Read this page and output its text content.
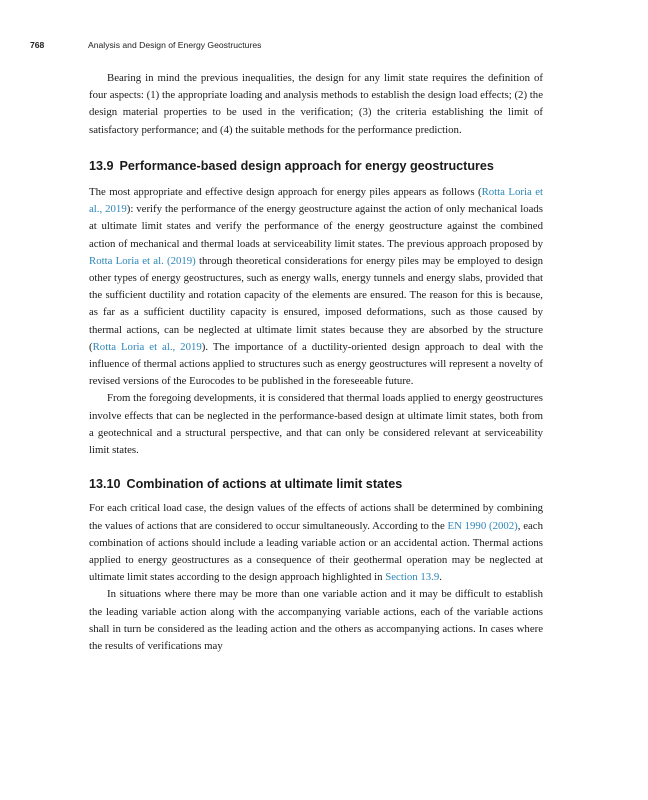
768	Analysis and Design of Energy Geostructures

Bearing in mind the previous inequalities, the design for any limit state requires the definition of four aspects: (1) the appropriate loading and analysis methods to establish the design load effects; (2) the design material properties to be used in the verification; (3) the criteria establishing the limit of satisfactory performance; and (4) the suitable methods for the performance prediction.

13.9 Performance-based design approach for energy geostructures

The most appropriate and effective design approach for energy piles appears as follows (Rotta Loria et al., 2019): verify the performance of the energy geostructure against the action of only mechanical loads at ultimate limit states and verify the performance of the energy geostructure against the combined action of mechanical and thermal loads at serviceability limit states. The previous approach proposed by Rotta Loria et al. (2019) through theoretical considerations for energy piles may be employed to design other types of energy geostructures, such as energy walls, energy tunnels and energy slabs, provided that the sufficient ductility and rotation capacity of the elements are ensured. The reason for this is because, as far as a sufficient ductility capacity is ensured, imposed deformations, such as those caused by thermal actions, can be neglected at ultimate limit states because they are absorbed by the structure (Rotta Loria et al., 2019). The importance of a ductility-oriented design approach to deal with the influence of thermal actions applied to structures such as energy geostructures will represent a novelty of revised versions of the Eurocodes to be published in the foreseeable future.

From the foregoing developments, it is considered that thermal loads applied to energy geostructures involve effects that can be neglected in the performance-based design at ultimate limit states, both from a geotechnical and a structural perspective, and that can only be considered relevant at serviceability limit states.

13.10 Combination of actions at ultimate limit states

For each critical load case, the design values of the effects of actions shall be determined by combining the values of actions that are considered to occur simultaneously. According to the EN 1990 (2002), each combination of actions should include a leading variable action or an accidental action. Thermal actions applied to energy geostructures as a consequence of their geothermal operation may be neglected at ultimate limit states according to the design approach highlighted in Section 13.9.

In situations where there may be more than one variable action and it may be difficult to establish the leading variable action along with the accompanying variable actions, each of the variable actions shall in turn be considered as the leading action and the others as accompanying actions. In cases where the results of verifications may
